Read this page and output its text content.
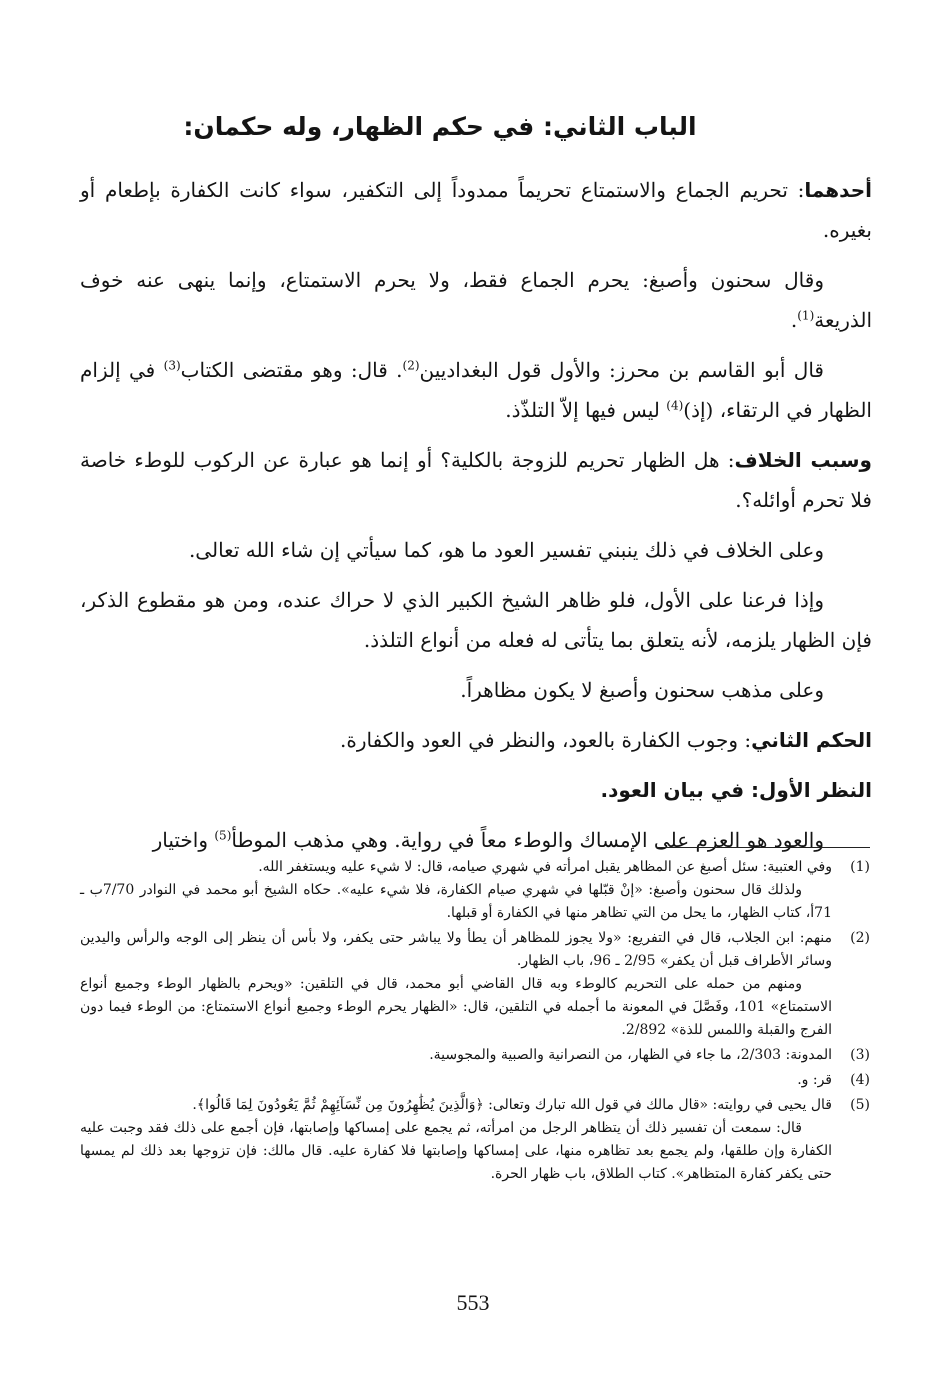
الباب الثاني: في حكم الظهار، وله حكمان:

أحدهما: تحريم الجماع والاستمتاع تحريماً ممدوداً إلى التكفير، سواء كانت الكفارة بإطعام أو بغيره.

وقال سحنون وأصبغ: يحرم الجماع فقط، ولا يحرم الاستمتاع، وإنما ينهى عنه خوف الذريعة$^{(1)}$.

قال أبو القاسم بن محرز: والأول قول البغداديين$^{(2)}$. قال: وهو مقتضى الكتاب$^{(3)}$ في إلزام الظهار في الرتقاء، (إذ)$^{(4)}$ ليس فيها إلاّ التلذّذ.

وسبب الخلاف: هل الظهار تحريم للزوجة بالكلية؟ أو إنما هو عبارة عن الركوب للوطء خاصة فلا تحرم أوائله؟.

وعلى الخلاف في ذلك ينبني تفسير العود ما هو، كما سيأتي إن شاء الله تعالى.

وإذا فرعنا على الأول، فلو ظاهر الشيخ الكبير الذي لا حراك عنده، ومن هو مقطوع الذكر، فإن الظهار يلزمه، لأنه يتعلق بما يتأتى له فعله من أنواع التلذذ.

وعلى مذهب سحنون وأصبغ لا يكون مظاهراً.

الحكم الثاني: وجوب الكفارة بالعود، والنظر في العود والكفارة.

النظر الأول: في بيان العود.

والعود هو العزم على الإمساك والوطء معاً في رواية. وهي مذهب الموطأ$^{(5)}$ واختيار

(1)
وفي العتبية: سئل أصبغ عن المظاهر يقبل امرأته في شهري صيامه، قال: لا شيء عليه ويستغفر الله.
ولذلك قال سحنون وأصبغ: «إنْ قبّلها في شهري صيام الكفارة، فلا شيء عليه». حكاه الشيخ أبو محمد في النوادر 7/70ب ـ 71أ، كتاب الظهار، ما يحل من التي تظاهر منها في الكفارة أو قبلها.
(2)
منهم: ابن الجلاب، قال في التفريع: «ولا يجوز للمظاهر أن يطأ ولا يباشر حتى يكفر، ولا بأس أن ينظر إلى الوجه والرأس واليدين وسائر الأطراف قبل أن يكفر» 2/95 ـ 96، باب الظهار.
ومنهم من حمله على التحريم كالوطء وبه قال القاضي أبو محمد، قال في التلقين: «ويحرم بالظهار الوطء وجميع أنواع الاستمتاع» 101، وفَصَّلَ في المعونة ما أجمله في التلقين، قال: «الظهار يحرم الوطء وجميع أنواع الاستمتاع: من الوطء فيما دون الفرج والقبلة واللمس للذة» 2/892.
(3)
المدونة: 2/303، ما جاء في الظهار، من النصرانية والصبية والمجوسية.
(4)
قر: و.
(5)
قال يحيى في روايته: «قال مالك في قول الله تبارك وتعالى: ﴿وَالَّذِينَ يُظَٰهِرُونَ مِن نِّسَآئِهِمْ ثُمَّ يَعُودُونَ لِمَا قَالُوا﴾.
قال: سمعت أن تفسير ذلك أن يتظاهر الرجل من امرأته، ثم يجمع على إمساكها وإصابتها، فإن أجمع على ذلك فقد وجبت عليه الكفارة وإن طلقها، ولم يجمع بعد تظاهره منها، على إمساكها وإصابتها فلا كفارة عليه. قال مالك: فإن تزوجها بعد ذلك لم يمسها حتى يكفر كفارة المتظاهر». كتاب الطلاق، باب ظهار الحرة.
553
